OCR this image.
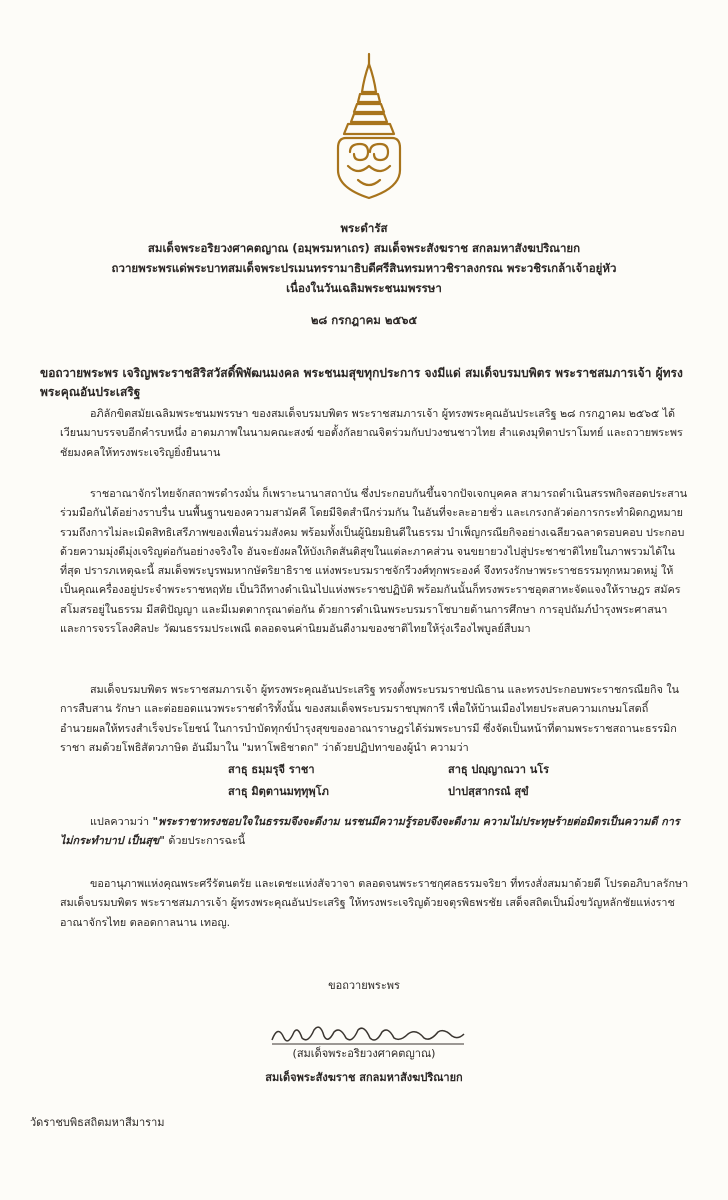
พระดำรัส
สมเด็จพระอริยวงศาคตญาณ (อมฺพรมหาเถร) สมเด็จพระสังฆราช สกลมหาสังฆปริณายก
ถวายพระพรแด่พระบาทสมเด็จพระปรเมนทรรามาธิบดีศรีสินทรมหาวชิราลงกรณ พระวชิรเกล้าเจ้าอยู่หัว
เนื่องในวันเฉลิมพระชนมพรรษา
๒๘ กรกฎาคม ๒๕๖๕
ขอถวายพระพร เจริญพระราชสิริสวัสดิ์พิพัฒนมงคล พระชนมสุขทุกประการ จงมีแด่ สมเด็จบรมบพิตร พระราชสมภารเจ้า ผู้ทรงพระคุณอันประเสริฐ
อภิลักขิตสมัยเฉลิมพระชนมพรรษา ของสมเด็จบรมบพิตร พระราชสมภารเจ้า ผู้ทรงพระคุณอันประเสริฐ ๒๘ กรกฎาคม ๒๕๖๕ ได้เวียนมาบรรจบอีกคำรบหนึ่ง อาตมภาพในนามคณะสงฆ์ ขอตั้งกัลยาณจิตร่วมกับปวงชนชาวไทย สำแดงมุทิตาปราโมทย์ และถวายพระพรชัยมงคลให้ทรงพระเจริญยิ่งยืนนาน
ราชอาณาจักรไทยจักสถาพรดำรงมั่น ก็เพราะนานาสถาบัน ซึ่งประกอบกันขึ้นจากปัจเจกบุคคล สามารถดำเนินสรรพกิจสอดประสานร่วมมือกันได้อย่างราบรื่น บนพื้นฐานของความสามัคคี โดยมีจิตสำนึกร่วมกัน ในอันที่จะละอายชั่ว และเกรงกลัวต่อการกระทำผิดกฎหมาย รวมถึงการไม่ละเมิดสิทธิเสรีภาพของเพื่อนร่วมสังคม พร้อมทั้งเป็นผู้นิยมยินดีในธรรม บำเพ็ญกรณียกิจอย่างเฉลียวฉลาดรอบคอบ ประกอบด้วยความมุ่งดีมุ่งเจริญต่อกันอย่างจริงใจ อันจะยังผลให้บังเกิดสันติสุขในแต่ละภาคส่วน จนขยายวงไปสู่ประชาชาติไทยในภาพรวมได้ในที่สุด ปรารภเหตุฉะนี้ สมเด็จพระบูรพมหากษัตริยาธิราช แห่งพระบรมราชจักรีวงศ์ทุกพระองค์ จึงทรงรักษาพระราชธรรมทุกหมวดหมู่ ให้เป็นคุณเครื่องอยู่ประจำพระราชหฤทัย เป็นวิถีทางดำเนินไปแห่งพระราชปฏิบัติ พร้อมกันนั้นก็ทรงพระราชอุตสาหะจัดแจงให้ราษฎร สมัครสโมสรอยู่ในธรรม มีสติปัญญา และมีเมตตากรุณาต่อกัน ด้วยการดำเนินพระบรมราโชบายด้านการศึกษา การอุปถัมภ์บำรุงพระศาสนา และการจรรโลงศิลปะ วัฒนธรรมประเพณี ตลอดจนค่านิยมอันดีงามของชาติไทยให้รุ่งเรืองไพบูลย์สืบมา
สมเด็จบรมบพิตร พระราชสมภารเจ้า ผู้ทรงพระคุณอันประเสริฐ ทรงตั้งพระบรมราชปณิธาน และทรงประกอบพระราชกรณียกิจ ในการสืบสาน รักษา และต่อยอดแนวพระราชดำริทั้งนั้น ของสมเด็จพระบรมราชบุพการี เพื่อให้บ้านเมืองไทยประสบความเกษมโสตถิ์ อำนวยผลให้ทรงสำเร็จประโยชน์ ในการบำบัดทุกข์บำรุงสุขของอาณาราษฎรได้ร่มพระบารมี ซึ่งจัดเป็นหน้าที่ตามพระราชสถานะธรรมิกราชา สมด้วยโพธิสัตวภาษิต อันมีมาใน "มหาโพธิชาดก" ว่าด้วยปฏิปทาของผู้นำ ความว่า
สาธุ ธมฺมรุจี ราชา	สาธุ ปญฺญาณวา นโร
สาธุ มิตฺตานมทฺทุพฺโภ	ปาปสฺสากรณํ สุขํ
แปลความว่า "พระราชาทรงชอบใจในธรรมจึงจะดีงาม นรชนมีความรู้รอบจึงจะดีงาม ความไม่ประทุษร้ายต่อมิตรเป็นความดี การไม่กระทำบาป เป็นสุข" ด้วยประการฉะนี้
ขออานุภาพแห่งคุณพระศรีรัตนตรัย และเดชะแห่งสัจวาจา ตลอดจนพระราชกุศลธรรมจริยา ที่ทรงสั่งสมมาด้วยดี โปรดอภิบาลรักษา สมเด็จบรมบพิตร พระราชสมภารเจ้า ผู้ทรงพระคุณอันประเสริฐ ให้ทรงพระเจริญด้วยจตุรพิธพรชัย เสด็จสถิตเป็นมิ่งขวัญหลักชัยแห่งราชอาณาจักรไทย ตลอดกาลนาน เทอญ.
ขอถวายพระพร
(สมเด็จพระอริยวงศาคตญาณ)
สมเด็จพระสังฆราช สกลมหาสังฆปริณายก
วัดราชบพิธสถิตมหาสีมาราม
